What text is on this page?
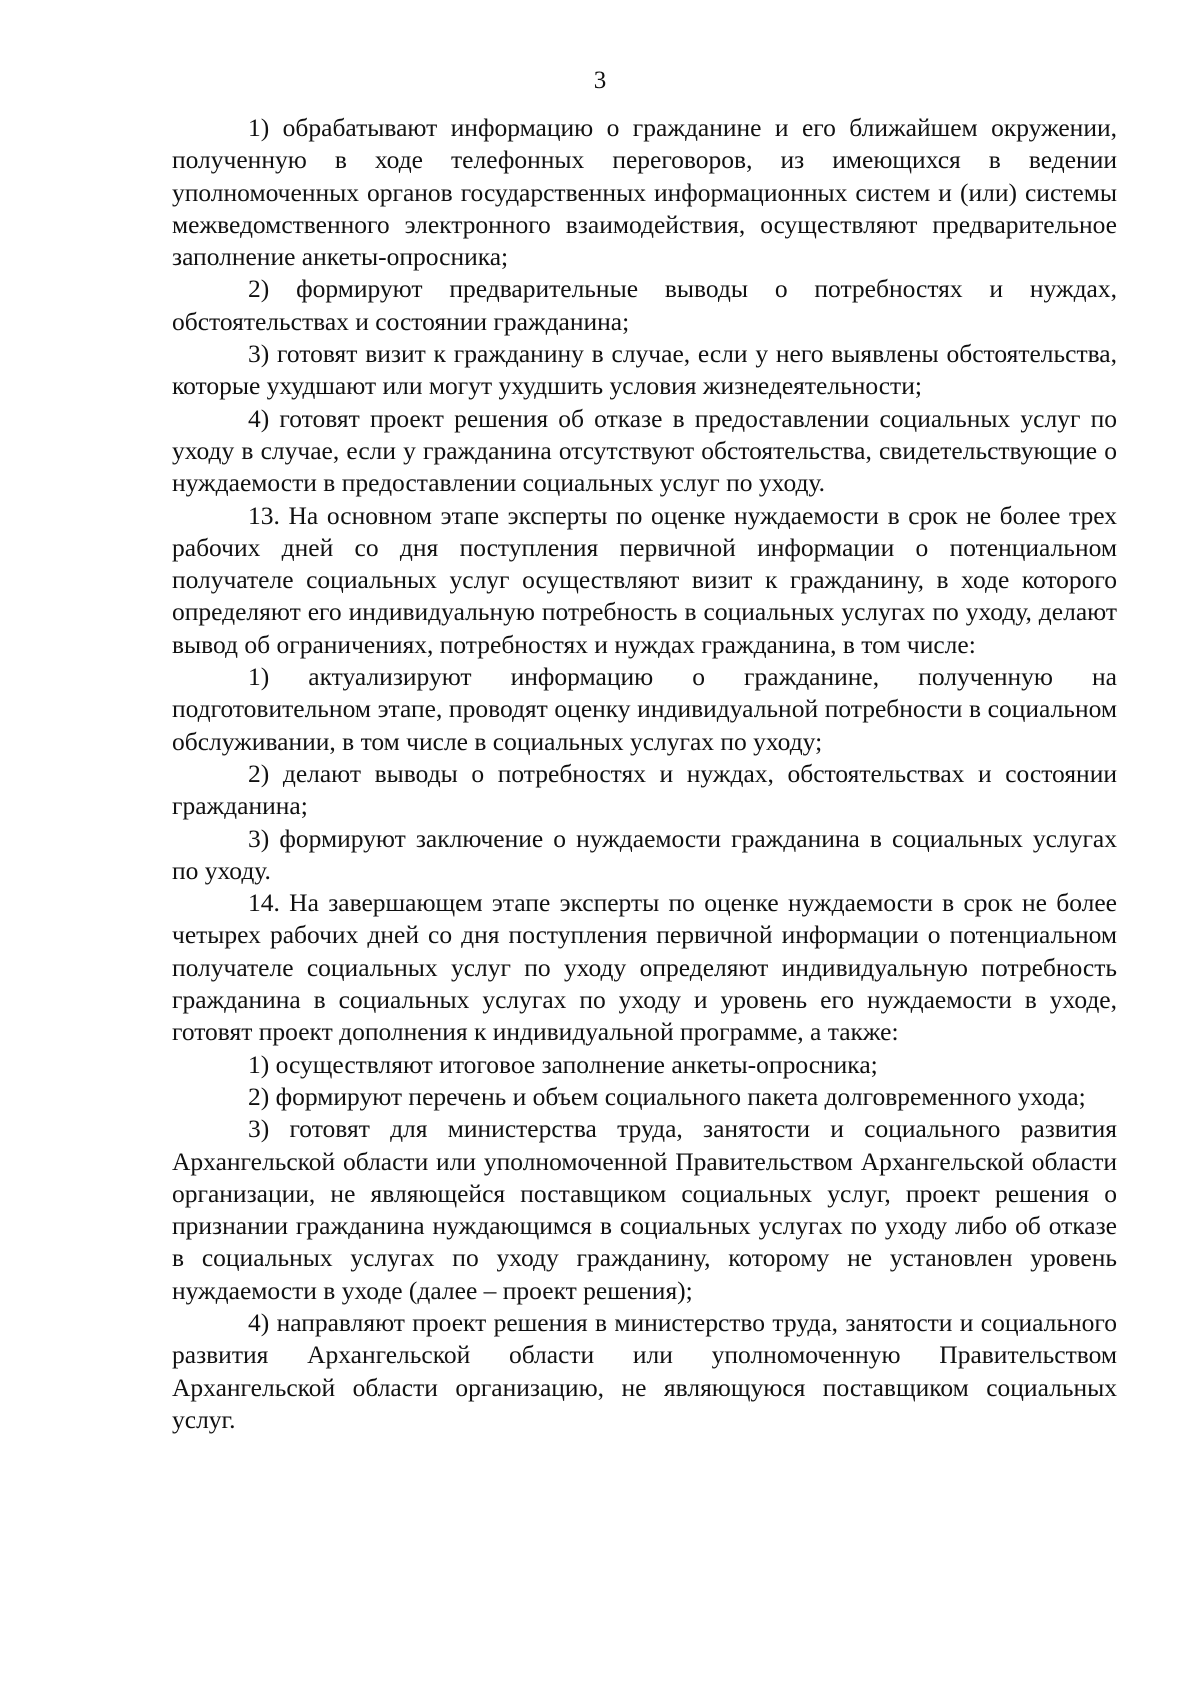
3

1) обрабатывают информацию о гражданине и его ближайшем окружении, полученную в ходе телефонных переговоров, из имеющихся в ведении уполномоченных органов государственных информационных систем и (или) системы межведомственного электронного взаимодействия, осуществляют предварительное заполнение анкеты-опросника;

2) формируют предварительные выводы о потребностях и нуждах, обстоятельствах и состоянии гражданина;

3) готовят визит к гражданину в случае, если у него выявлены обстоятельства, которые ухудшают или могут ухудшить условия жизнедеятельности;

4) готовят проект решения об отказе в предоставлении социальных услуг по уходу в случае, если у гражданина отсутствуют обстоятельства, свидетельствующие о нуждаемости в предоставлении социальных услуг по уходу.

13. На основном этапе эксперты по оценке нуждаемости в срок не более трех рабочих дней со дня поступления первичной информации о потенциальном получателе социальных услуг осуществляют визит к гражданину, в ходе которого определяют его индивидуальную потребность в социальных услугах по уходу, делают вывод об ограничениях, потребностях и нуждах гражданина, в том числе:

1) актуализируют информацию о гражданине, полученную на подготовительном этапе, проводят оценку индивидуальной потребности в социальном обслуживании, в том числе в социальных услугах по уходу;

2) делают выводы о потребностях и нуждах, обстоятельствах и состоянии гражданина;

3) формируют заключение о нуждаемости гражданина в социальных услугах по уходу.

14. На завершающем этапе эксперты по оценке нуждаемости в срок не более четырех рабочих дней со дня поступления первичной информации о потенциальном получателе социальных услуг по уходу определяют индивидуальную потребность гражданина в социальных услугах по уходу и уровень его нуждаемости в уходе, готовят проект дополнения к индивидуальной программе, а также:

1) осуществляют итоговое заполнение анкеты-опросника;

2) формируют перечень и объем социального пакета долговременного ухода;

3) готовят для министерства труда, занятости и социального развития Архангельской области или уполномоченной Правительством Архангельской области организации, не являющейся поставщиком социальных услуг, проект решения о признании гражданина нуждающимся в социальных услугах по уходу либо об отказе в социальных услугах по уходу гражданину, которому не установлен уровень нуждаемости в уходе (далее – проект решения);

4) направляют проект решения в министерство труда, занятости и социального развития Архангельской области или уполномоченную Правительством Архангельской области организацию, не являющуюся поставщиком социальных услуг.
